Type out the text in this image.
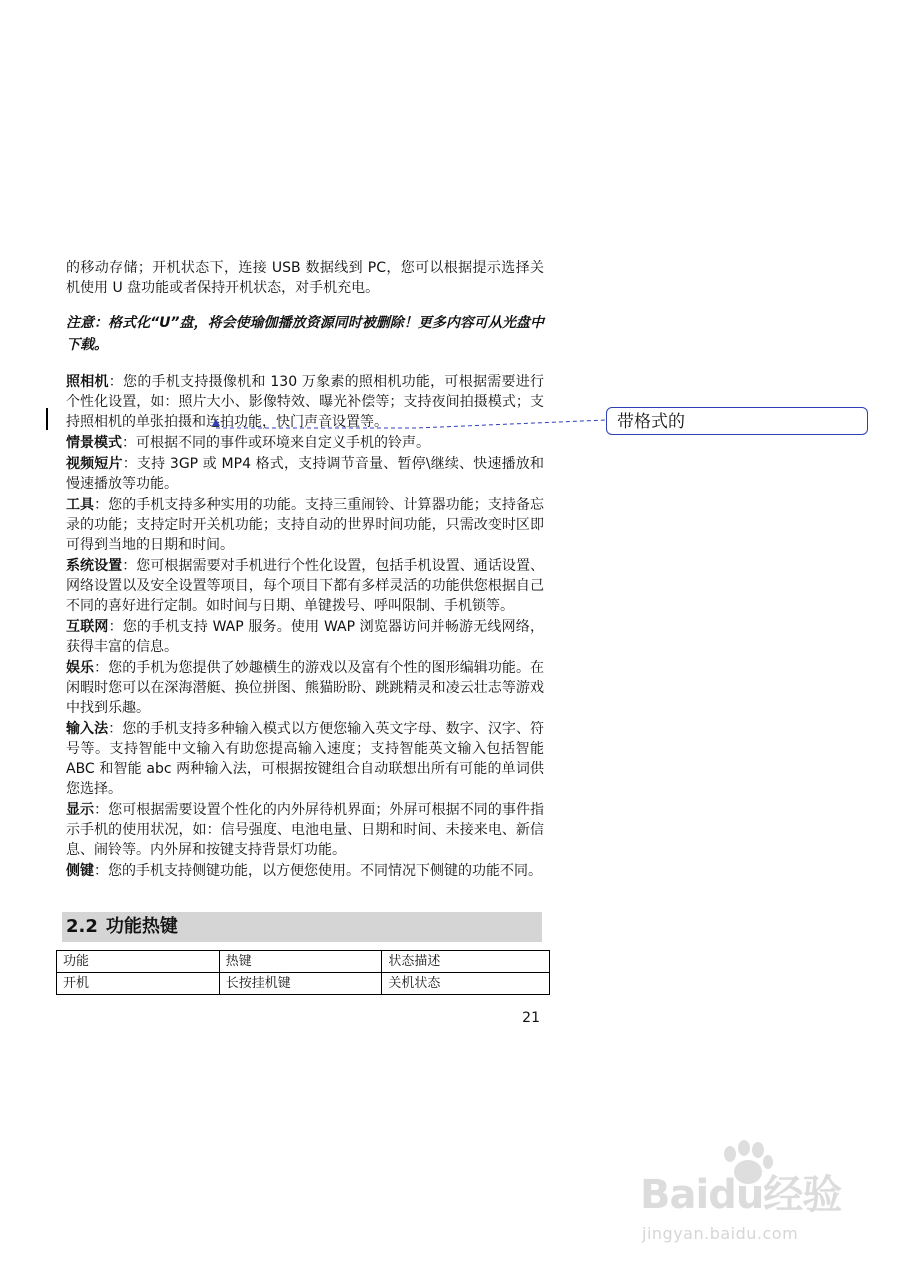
的移动存储；开机状态下，连接 USB 数据线到 PC，您可以根据提示选择关机使用 U 盘功能或者保持开机状态，对手机充电。

注意：格式化“U”盘，将会使瑜伽播放资源同时被删除！更多内容可从光盘中下载。

照相机：您的手机支持摄像机和 130 万象素的照相机功能，可根据需要进行个性化设置，如：照片大小、影像特效、曝光补偿等；支持夜间拍摄模式；支持照相机的单张拍摄和连拍功能，快门声音设置等。

情景模式：可根据不同的事件或环境来自定义手机的铃声。

视频短片：支持 3GP 或 MP4 格式，支持调节音量、暂停\继续、快速播放和慢速播放等功能。

工具：您的手机支持多种实用的功能。支持三重闹铃、计算器功能；支持备忘录的功能；支持定时开关机功能；支持自动的世界时间功能，只需改变时区即可得到当地的日期和时间。

系统设置：您可根据需要对手机进行个性化设置，包括手机设置、通话设置、网络设置以及安全设置等项目，每个项目下都有多样灵活的功能供您根据自己不同的喜好进行定制。如时间与日期、单键拨号、呼叫限制、手机锁等。

互联网：您的手机支持 WAP 服务。使用 WAP 浏览器访问并畅游无线网络，获得丰富的信息。

娱乐：您的手机为您提供了妙趣横生的游戏以及富有个性的图形编辑功能。在闲暇时您可以在深海潜艇、换位拼图、熊猫盼盼、跳跳精灵和凌云壮志等游戏中找到乐趣。

输入法：您的手机支持多种输入模式以方便您输入英文字母、数字、汉字、符号等。支持智能中文输入有助您提高输入速度；支持智能英文输入包括智能 ABC 和智能 abc 两种输入法，可根据按键组合自动联想出所有可能的单词供您选择。

显示：您可根据需要设置个性化的内外屏待机界面；外屏可根据不同的事件指示手机的使用状况，如：信号强度、电池电量、日期和时间、未接来电、新信息、闹铃等。内外屏和按键支持背景灯功能。

侧键：您的手机支持侧键功能，以方便您使用。不同情况下侧键的功能不同。

2.2 功能热键
功能	热键	状态描述
开机	长按挂机键	关机状态
21
带格式的
Baidu经验
jingyan.baidu.com
